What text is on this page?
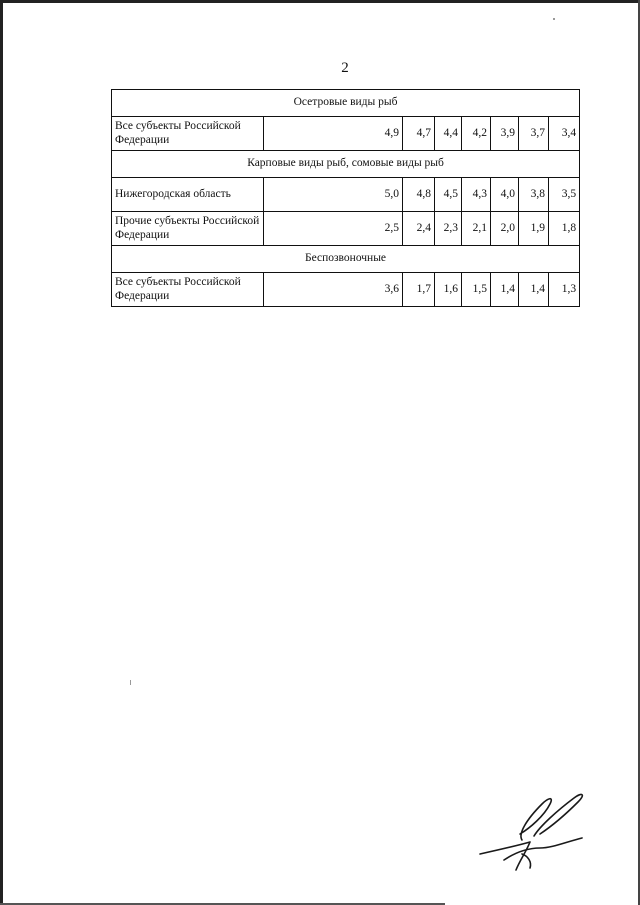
2
Осетровые виды рыб							
Все субъекты Российской Федерации	4,9	4,7	4,4	4,2	3,9	3,7	3,4
Карповые виды рыб, сомовые виды рыб							
Нижегородская область	5,0	4,8	4,5	4,3	4,0	3,8	3,5
Прочие субъекты Российской Федерации	2,5	2,4	2,3	2,1	2,0	1,9	1,8
Беспозвоночные							
Все субъекты Российской Федерации	3,6	1,7	1,6	1,5	1,4	1,4	1,3
